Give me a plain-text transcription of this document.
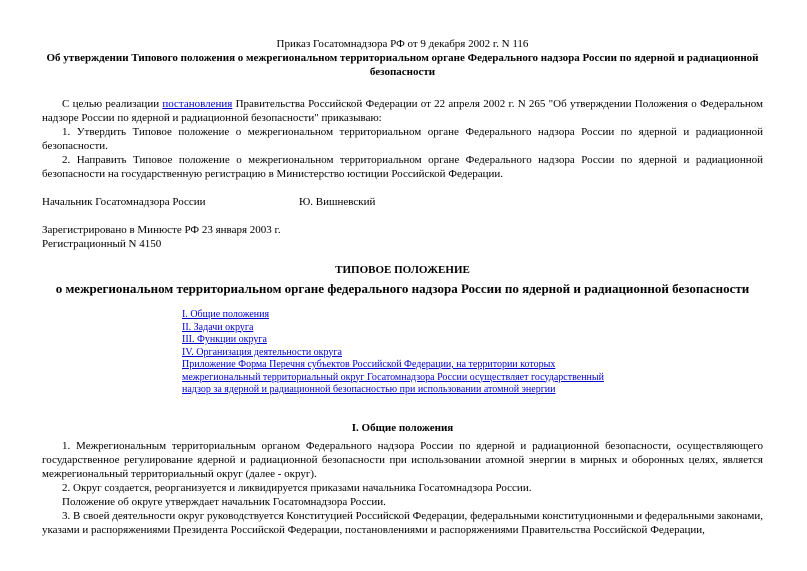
Приказ Госатомнадзора РФ от 9 декабря 2002 г. N 116

Об утверждении Типового положения о межрегиональном территориальном органе Федерального надзора России по ядерной и радиационной безопасности

С целью реализации постановления Правительства Российской Федерации от 22 апреля 2002 г. N 265 "Об утверждении Положения о Федеральном надзоре России по ядерной и радиационной безопасности" приказываю:

1. Утвердить Типовое положение о межрегиональном территориальном органе Федерального надзора России по ядерной и радиационной безопасности.

2. Направить Типовое положение о межрегиональном территориальном органе Федерального надзора России по ядерной и радиационной безопасности на государственную регистрацию в Министерство юстиции Российской Федерации.

Начальник Госатомнадзора России	Ю. Вишневский

Зарегистрировано в Минюсте РФ 23 января 2003 г.

Регистрационный N 4150

ТИПОВОЕ ПОЛОЖЕНИЕ

о межрегиональном территориальном органе федерального надзора России по ядерной и радиационной безопасности

I. Общие положения
II. Задачи округа
III. Функции округа
IV. Организация деятельности округа
Приложение Форма Перечня субъектов Российской Федерации, на территории которых
межрегиональный территориальный округ Госатомнадзора России осуществляет государственный
надзор за ядерной и радиационной безопасностью при использовании атомной энергии

I. Общие положения

1. Межрегиональным территориальным органом Федерального надзора России по ядерной и радиационной безопасности, осуществляющего государственное регулирование ядерной и радиационной безопасности при использовании атомной энергии в мирных и оборонных целях, является межрегиональный территориальный округ (далее - округ).

2. Округ создается, реорганизуется и ликвидируется приказами начальника Госатомнадзора России.

Положение об округе утверждает начальник Госатомнадзора России.

3. В своей деятельности округ руководствуется Конституцией Российской Федерации, федеральными конституционными и федеральными законами, указами и распоряжениями Президента Российской Федерации, постановлениями и распоряжениями Правительства Российской Федерации,
